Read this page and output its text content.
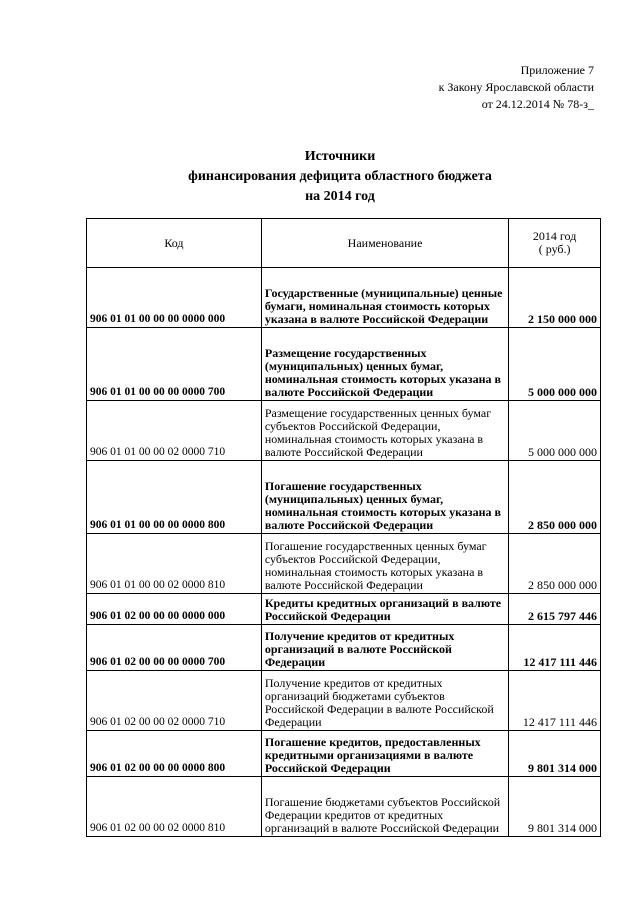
Приложение 7
к Закону Ярославской области
от 24.12.2014 № 78-з_
Источники
финансирования дефицита областного бюджета
на 2014 год
Код	Наименование	2014 год
( руб.)

906 01 01 00 00 00 0000 000	Государственные (муниципальные) ценные бумаги, номинальная стоимость которых указана в валюте Российской Федерации	2 150 000 000
906 01 01 00 00 00 0000 700	Размещение государственных (муниципальных) ценных бумаг, номинальная стоимость которых указана в валюте Российской Федерации	5 000 000 000
906 01 01 00 00 02 0000 710	Размещение государственных ценных бумаг субъектов Российской Федерации, номинальная стоимость которых указана в валюте Российской Федерации	5 000 000 000
906 01 01 00 00 00 0000 800	Погашение государственных (муниципальных) ценных бумаг, номинальная стоимость которых указана в валюте Российской Федерации	2 850 000 000
906 01 01 00 00 02 0000 810	Погашение государственных ценных бумаг субъектов Российской Федерации, номинальная стоимость которых указана в валюте Российской Федерации	2 850 000 000
906 01 02 00 00 00 0000 000	Кредиты кредитных организаций в валюте Российской Федерации	2 615 797 446
906 01 02 00 00 00 0000 700	Получение кредитов от кредитных организаций в валюте Российской Федерации	12 417 111 446
906 01 02 00 00 02 0000 710	Получение кредитов от кредитных организаций бюджетами субъектов Российской Федерации в валюте Российской Федерации	12 417 111 446
906 01 02 00 00 00 0000 800	Погашение кредитов, предоставленных кредитными организациями в валюте Российской Федерации	9 801 314 000
906 01 02 00 00 02 0000 810	Погашение бюджетами субъектов Российской Федерации кредитов от кредитных организаций в валюте Российской Федерации	9 801 314 000
